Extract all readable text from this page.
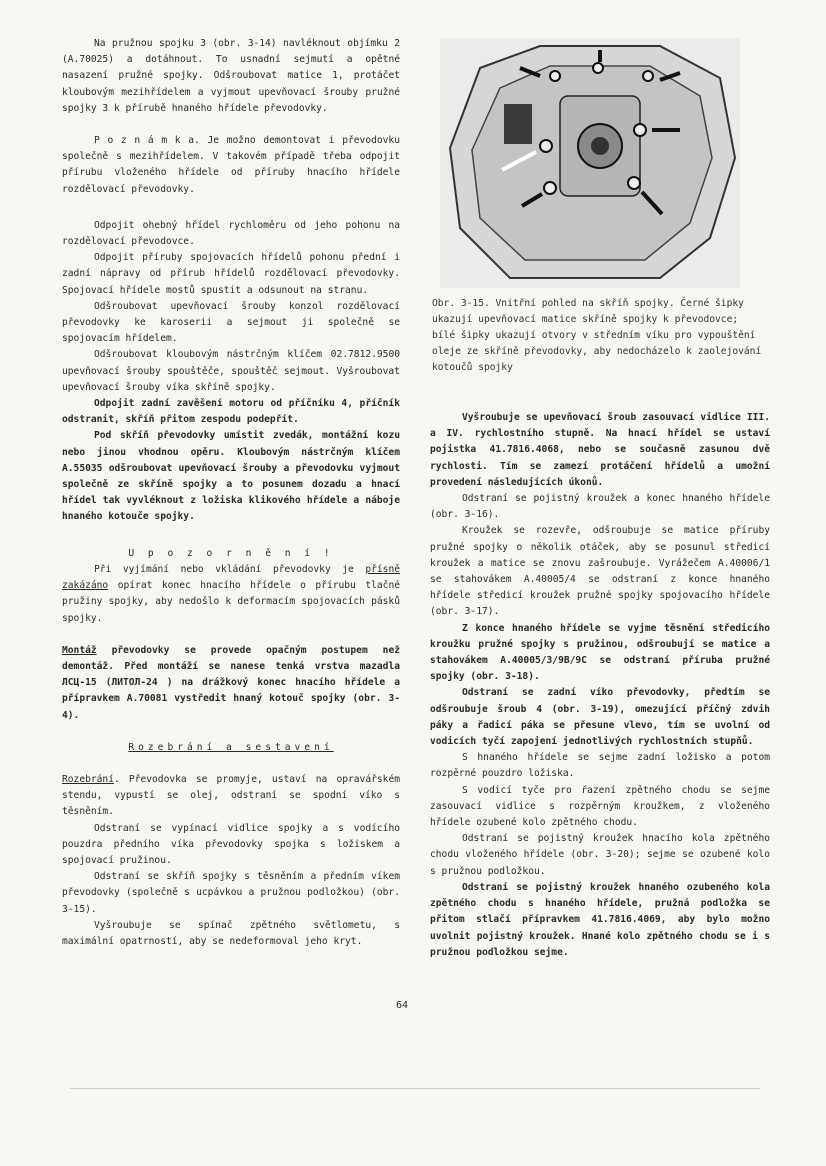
Na pružnou spojku 3 (obr. 3-14) navléknout objímku 2 (A.70025) a dotáhnout. To usnadní sejmutí a opětné nasazení pružné spojky. Odšroubovat matice 1, protáčet kloubovým mezihřídelem a vyjmout upevňovací šrouby pružné spojky 3 k přírubě hnaného hřídele převodovky.

P o z n á m k a. Je možno demontovat i převodovku společně s mezihřídelem. V takovém případě třeba odpojit přírubu vloženého hřídele od příruby hnacího hřídele rozdělovací převodovky.

Odpojit ohebný hřídel rychloměru od jeho pohonu na rozdělovací převodovce.

Odpojit příruby spojovacích hřídelů pohonu přední i zadní nápravy od přírub hřídelů rozdělovací převodovky. Spojovací hřídele mostů spustit a odsunout na stranu.

Odšroubovat upevňovací šrouby konzol rozdělovací převodovky ke karoserii a sejmout ji společně se spojovacím hřídelem.

Odšroubovat kloubovým nástrčným klíčem 02.7812.9500 upevňovací šrouby spouštěče, spouštěč sejmout. Vyšroubovat upevňovací šrouby víka skříně spojky.

Odpojit zadní zavěšení motoru od příčníku 4, příčník odstranit, skříň přitom zespodu podepřít.

Pod skříň převodovky umístit zvedák, montážní kozu nebo jinou vhodnou opěru. Kloubovým nástrčným klíčem A.55035 odšroubovat upevňovací šrouby a převodovku vyjmout společně ze skříně spojky a to posunem dozadu a hnací hřídel tak vyvléknout z ložiska klikového hřídele a náboje hnaného kotouče spojky.

U p o z o r n ě n í !

Při vyjímání nebo vkládání převodovky je přísně zakázáno opírat konec hnacího hřídele o přírubu tlačné pružiny spojky, aby nedošlo k deformacím spojovacích pásků spojky.

Montáž převodovky se provede opačným postupem než demontáž. Před montáží se nanese tenká vrstva mazadla ЛСЦ-15 (ЛИТОЛ-24 ) na drážkový konec hnacího hřídele a přípravkem A.70081 vystředit hnaný kotouč spojky (obr. 3-4).

Rozebrání a sestavení

Rozebrání. Převodovka se promyje, ustaví na opravářském stendu, vypustí se olej, odstraní se spodní víko s těsněním.

Odstraní se vypínací vidlice spojky a s vodícího pouzdra předního víka převodovky spojka s ložiskem a spojovací pružinou.

Odstraní se skříň spojky s těsněním a předním víkem převodovky (společně s ucpávkou a pružnou podložkou) (obr. 3-15).

Vyšroubuje se spínač zpětného světlometu, s maximální opatrností, aby se nedeformoval jeho kryt.

Obr. 3-15. Vnitřní pohled na skříň spojky. Černé šipky ukazují upevňovací matice skříně spojky k převodovce; bílé šipky ukazují otvory v středním víku pro vypouštění oleje ze skříně převodovky, aby nedocházelo k zaolejování kotoučů spojky

Vyšroubuje se upevňovací šroub zasouvací vidlice III. a IV. rychlostního stupně. Na hnací hřídel se ustaví pojistka 41.7816.4068, nebo se současně zasunou dvě rychlosti. Tím se zamezí protáčení hřídelů a umožní provedení následujících úkonů.

Odstraní se pojistný kroužek a konec hnaného hřídele (obr. 3-16).

Kroužek se rozevře, odšroubuje se matice příruby pružné spojky o několik otáček, aby se posunul středicí kroužek a matice se znovu zašroubuje. Vyrážečem A.40006/1 se stahovákem A.40005/4 se odstraní z konce hnaného hřídele středicí kroužek pružné spojky spojovacího hřídele (obr. 3-17).

Z konce hnaného hřídele se vyjme těsnění středicího kroužku pružné spojky s pružinou, odšroubují se matice a stahovákem A.40005/3/9B/9C se odstraní příruba pružné spojky (obr. 3-18).

Odstraní se zadní víko převodovky, předtím se odšroubuje šroub 4 (obr. 3-19), omezující příčný zdvih páky a řadicí páka se přesune vlevo, tím se uvolní od vodicích tyčí zapojení jednotlivých rychlostních stupňů.

S hnaného hřídele se sejme zadní ložisko a potom rozpěrné pouzdro ložiska.

S vodicí tyče pro řazení zpětného chodu se sejme zasouvací vidlice s rozpěrným kroužkem, z vloženého hřídele ozubené kolo zpětného chodu.

Odstraní se pojistný kroužek hnacího kola zpětného chodu vloženého hřídele (obr. 3-20); sejme se ozubené kolo s pružnou podložkou.

Odstraní se pojistný kroužek hnaného ozubeného kola zpětného chodu s hnaného hřídele, pružná podložka se přitom stlačí přípravkem 41.7816.4069, aby bylo možno uvolnit pojistný kroužek. Hnané kolo zpětného chodu se i s pružnou podložkou sejme.

64
